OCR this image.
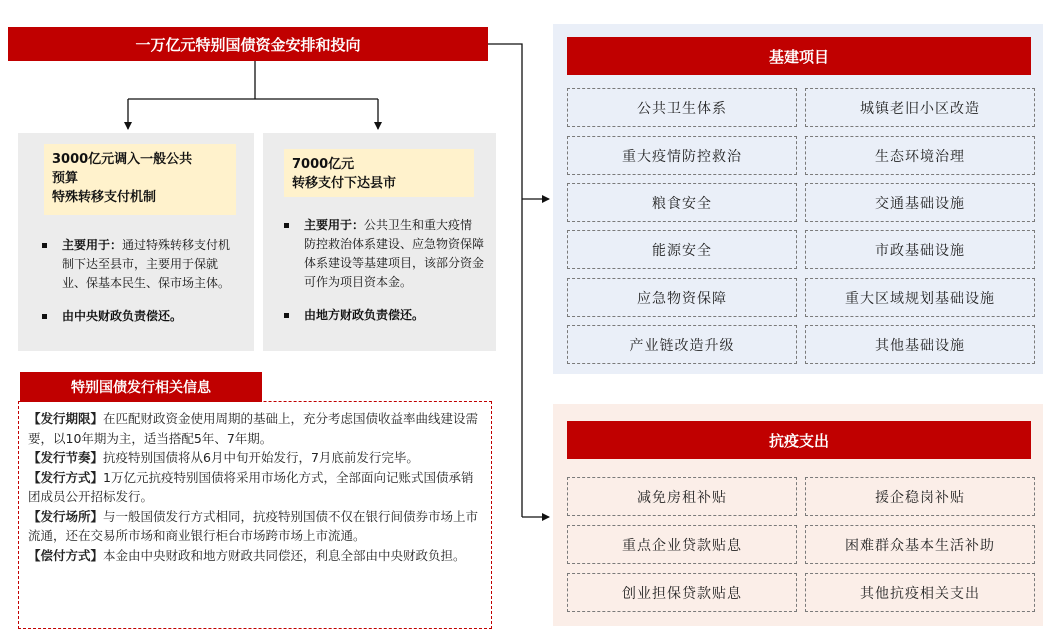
一万亿元特别国债资金安排和投向
3000亿元调入一般公共
预算
特殊转移支付机制
主要用于：通过特殊转移支付机制下达至县市，主要用于保就业、保基本民生、保市场主体。
由中央财政负责偿还。
7000亿元
转移支付下达县市
主要用于：公共卫生和重大疫情防控救治体系建设、应急物资保障体系建设等基建项目，该部分资金可作为项目资本金。
由地方财政负责偿还。
特别国债发行相关信息

【发行期限】在匹配财政资金使用周期的基础上，充分考虑国债收益率曲线建设需要，以10年期为主，适当搭配5年、7年期。

【发行节奏】抗疫特别国债将从6月中旬开始发行，7月底前发行完毕。

【发行方式】1万亿元抗疫特别国债将采用市场化方式，全部面向记账式国债承销团成员公开招标发行。

【发行场所】与一般国债发行方式相同，抗疫特别国债不仅在银行间债券市场上市流通，还在交易所市场和商业银行柜台市场跨市场上市流通。

【偿付方式】本金由中央财政和地方财政共同偿还，利息全部由中央财政负担。

基建项目
公共卫生体系	城镇老旧小区改造
重大疫情防控救治	生态环境治理
粮食安全	交通基础设施
能源安全	市政基础设施
应急物资保障	重大区域规划基础设施
产业链改造升级	其他基础设施
抗疫支出
减免房租补贴	援企稳岗补贴
重点企业贷款贴息	困难群众基本生活补助
创业担保贷款贴息	其他抗疫相关支出
